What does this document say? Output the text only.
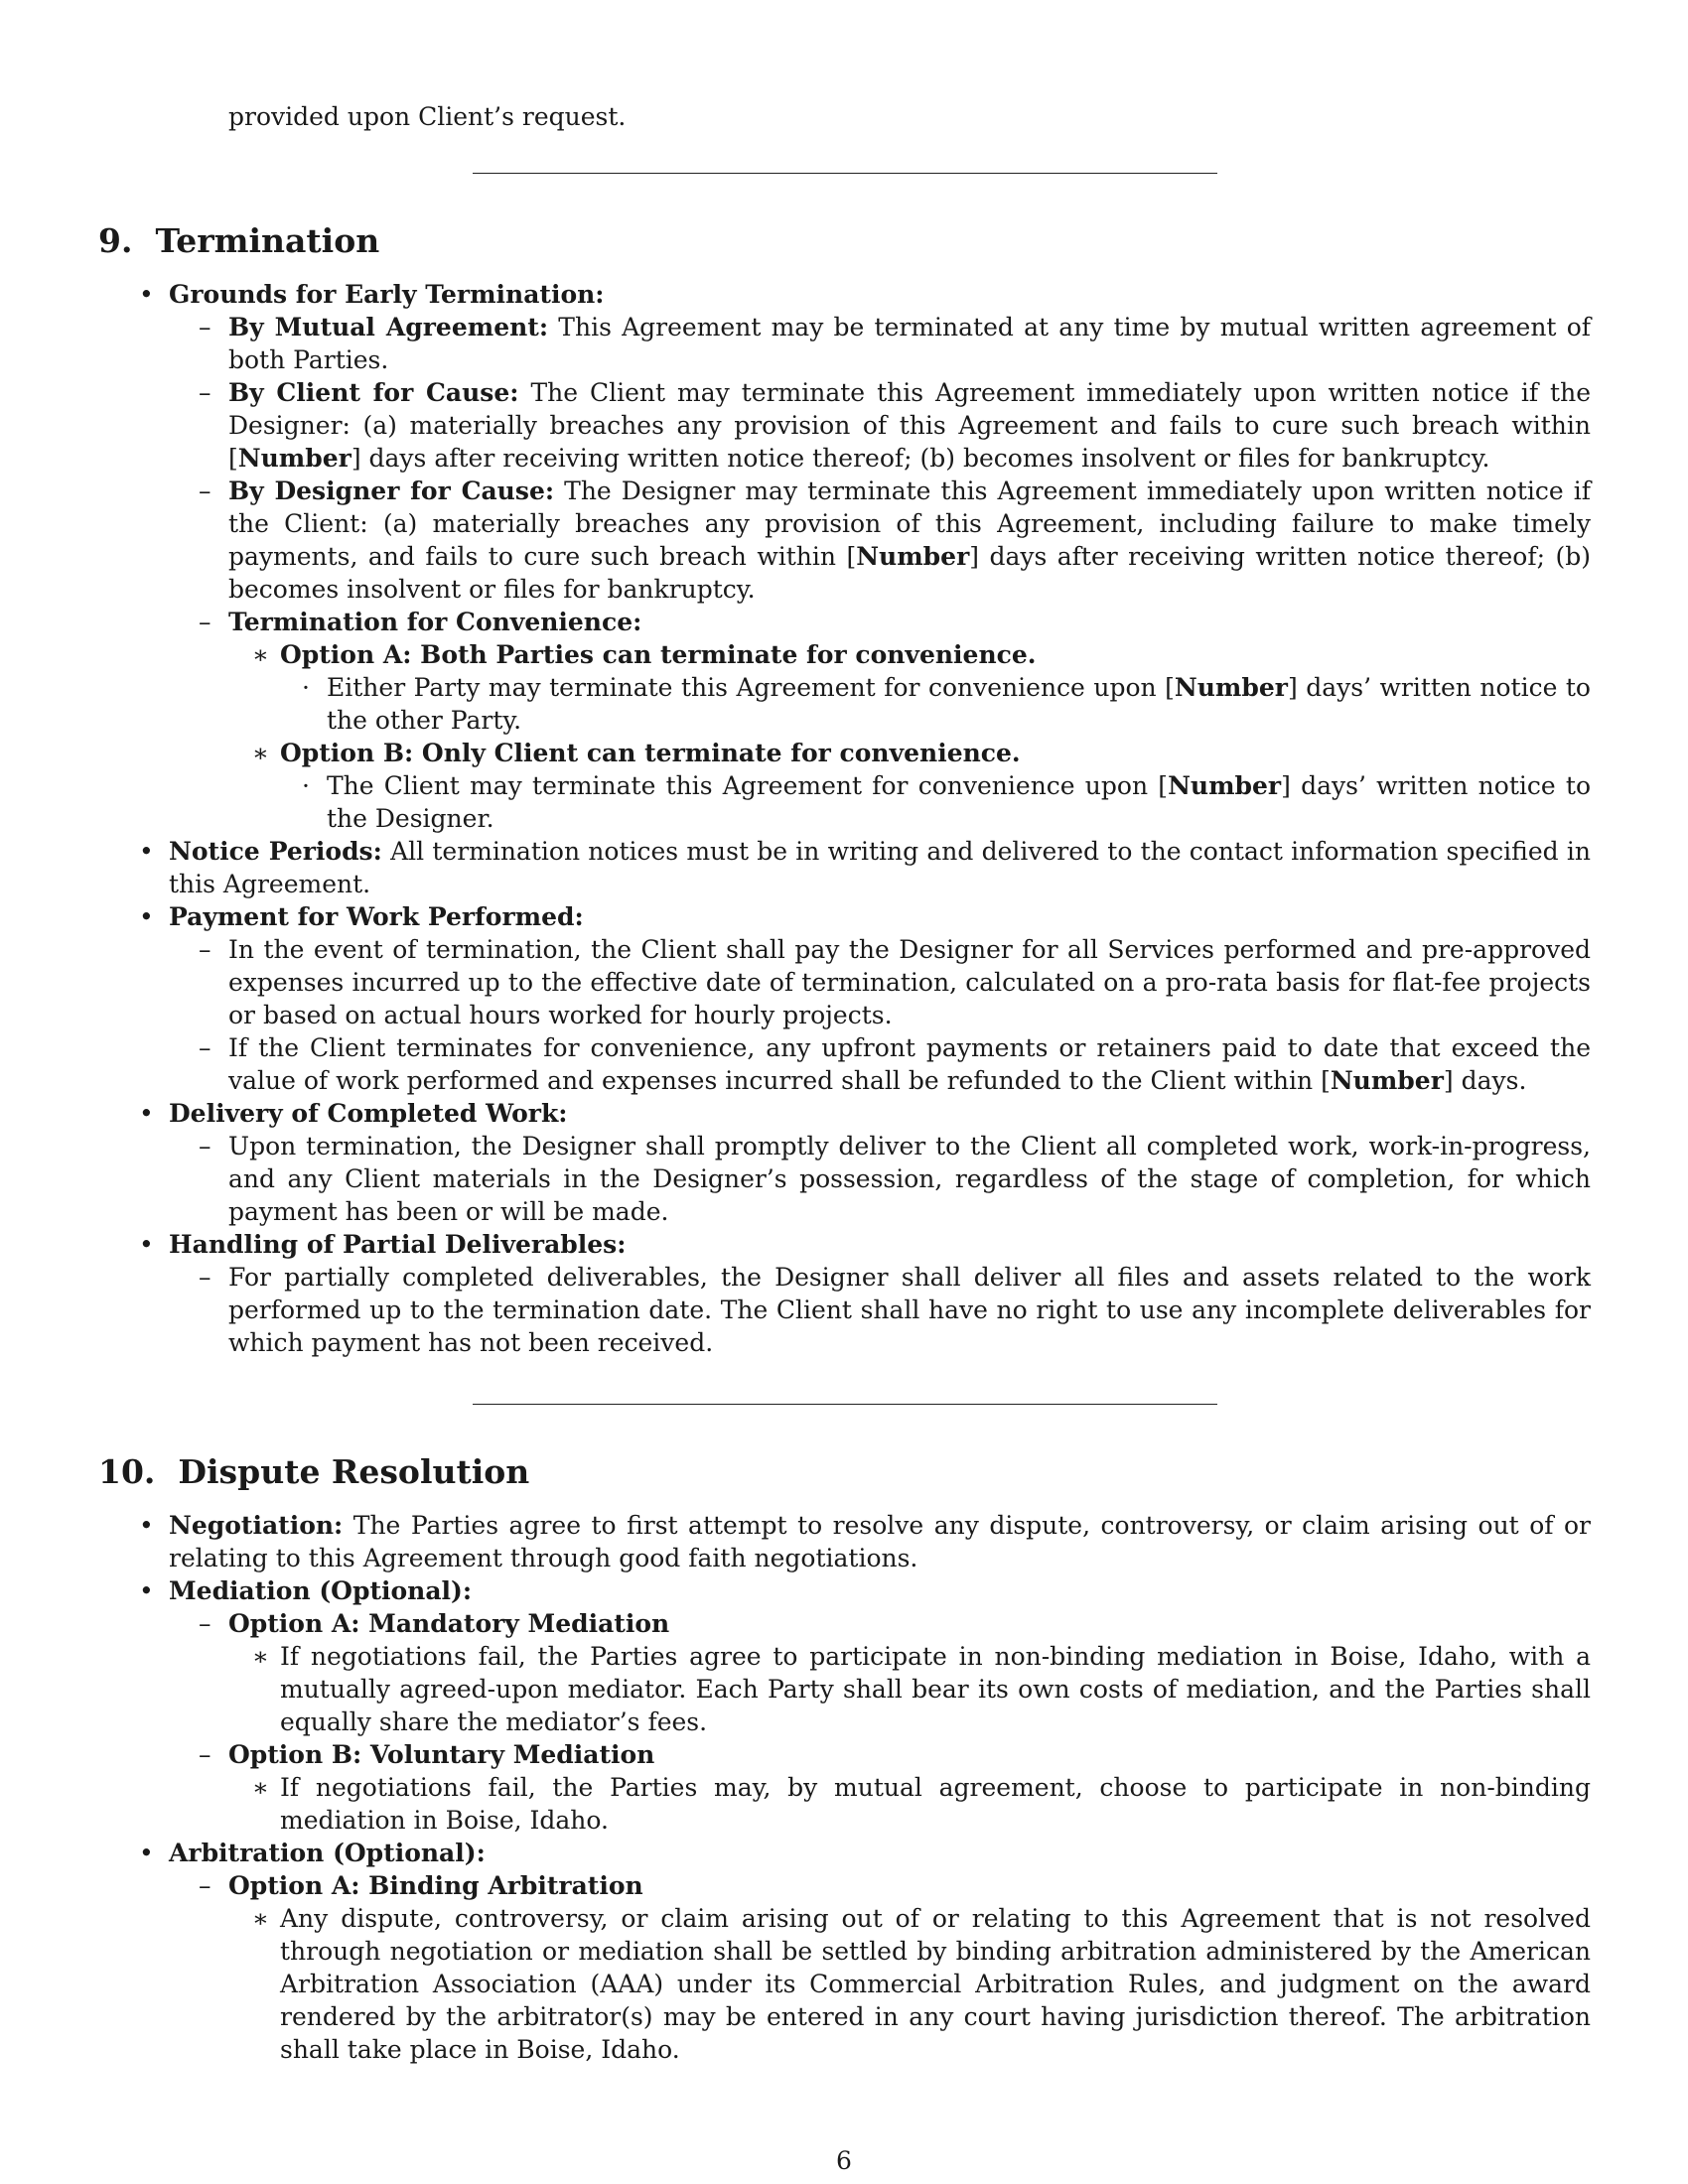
provided upon Client’s request.

9. Termination
• Grounds for Early Termination:

– By Mutual Agreement: This Agreement may be terminated at any time by mutual written agreement of both Parties.

– By Client for Cause: The Client may terminate this Agreement immediately upon written notice if the Designer: (a) materially breaches any provision of this Agreement and fails to cure such breach within [Number] days after receiving written notice thereof; (b) becomes insolvent or files for bankruptcy.

– By Designer for Cause: The Designer may terminate this Agreement immediately upon written notice if the Client: (a) materially breaches any provision of this Agreement, including failure to make timely payments, and fails to cure such breach within [Number] days after receiving written notice thereof; (b) becomes insolvent or files for bankruptcy.

– Termination for Convenience:

∗ Option A: Both Parties can terminate for convenience.

· Either Party may terminate this Agreement for convenience upon [Number] days’ written notice to the other Party.

∗ Option B: Only Client can terminate for convenience.

· The Client may terminate this Agreement for convenience upon [Number] days’ written notice to the Designer.

• Notice Periods: All termination notices must be in writing and delivered to the contact information specified in this Agreement.

• Payment for Work Performed:

– In the event of termination, the Client shall pay the Designer for all Services performed and pre-approved expenses incurred up to the effective date of termination, calculated on a pro-rata basis for flat-fee projects or based on actual hours worked for hourly projects.

– If the Client terminates for convenience, any upfront payments or retainers paid to date that exceed the value of work performed and expenses incurred shall be refunded to the Client within [Number] days.

• Delivery of Completed Work:

– Upon termination, the Designer shall promptly deliver to the Client all completed work, work-in-progress, and any Client materials in the Designer’s possession, regardless of the stage of completion, for which payment has been or will be made.

• Handling of Partial Deliverables:

– For partially completed deliverables, the Designer shall deliver all files and assets related to the work performed up to the termination date. The Client shall have no right to use any incomplete deliverables for which payment has not been received.

10. Dispute Resolution
• Negotiation: The Parties agree to first attempt to resolve any dispute, controversy, or claim arising out of or relating to this Agreement through good faith negotiations.

• Mediation (Optional):

– Option A: Mandatory Mediation

∗ If negotiations fail, the Parties agree to participate in non-binding mediation in Boise, Idaho, with a mutually agreed-upon mediator. Each Party shall bear its own costs of mediation, and the Parties shall equally share the mediator’s fees.

– Option B: Voluntary Mediation

∗ If negotiations fail, the Parties may, by mutual agreement, choose to participate in non-binding mediation in Boise, Idaho.

• Arbitration (Optional):

– Option A: Binding Arbitration

∗ Any dispute, controversy, or claim arising out of or relating to this Agreement that is not resolved through negotiation or mediation shall be settled by binding arbitration administered by the American Arbitration Association (AAA) under its Commercial Arbitration Rules, and judgment on the award rendered by the arbitrator(s) may be entered in any court having jurisdiction thereof. The arbitration shall take place in Boise, Idaho.

6
